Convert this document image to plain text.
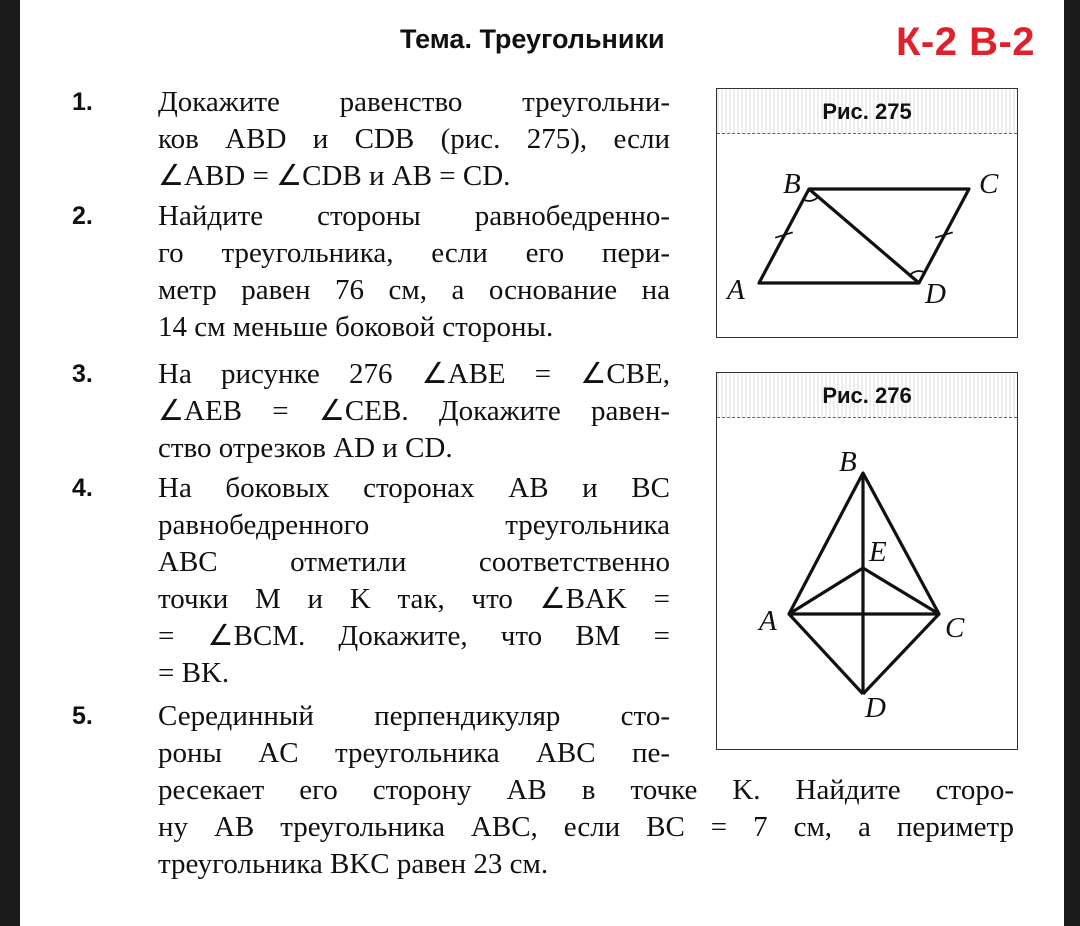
Тема. Треугольники	К-2 В-2
1. Докажите равенство треугольни-
ков ABD и CDB (рис. 275), если
∠ABD = ∠CDB и AB = CD.
2. Найдите стороны равнобедренно-
го треугольника, если его пери-
метр равен 76 см, а основание на
14 см меньше боковой стороны.
3. На рисунке 276 ∠ABE = ∠CBE,
∠AEB = ∠CEB. Докажите равен-
ство отрезков AD и CD.
4. На боковых сторонах AB и BC
равнобедренного треугольника
ABC отметили соответственно
точки M и K так, что ∠BAK =
= ∠BCM. Докажите, что BM =
= BK.
5. Серединный перпендикуляр сто-
роны AC треугольника ABC пе-
ресекает его сторону AB в точке K. Найдите сторо-
ну AB треугольника ABC, если BC = 7 см, а периметр
треугольника BKC равен 23 см.
Рис. 275
A
B	C
D
Рис. 276
A
B
C
D
E
